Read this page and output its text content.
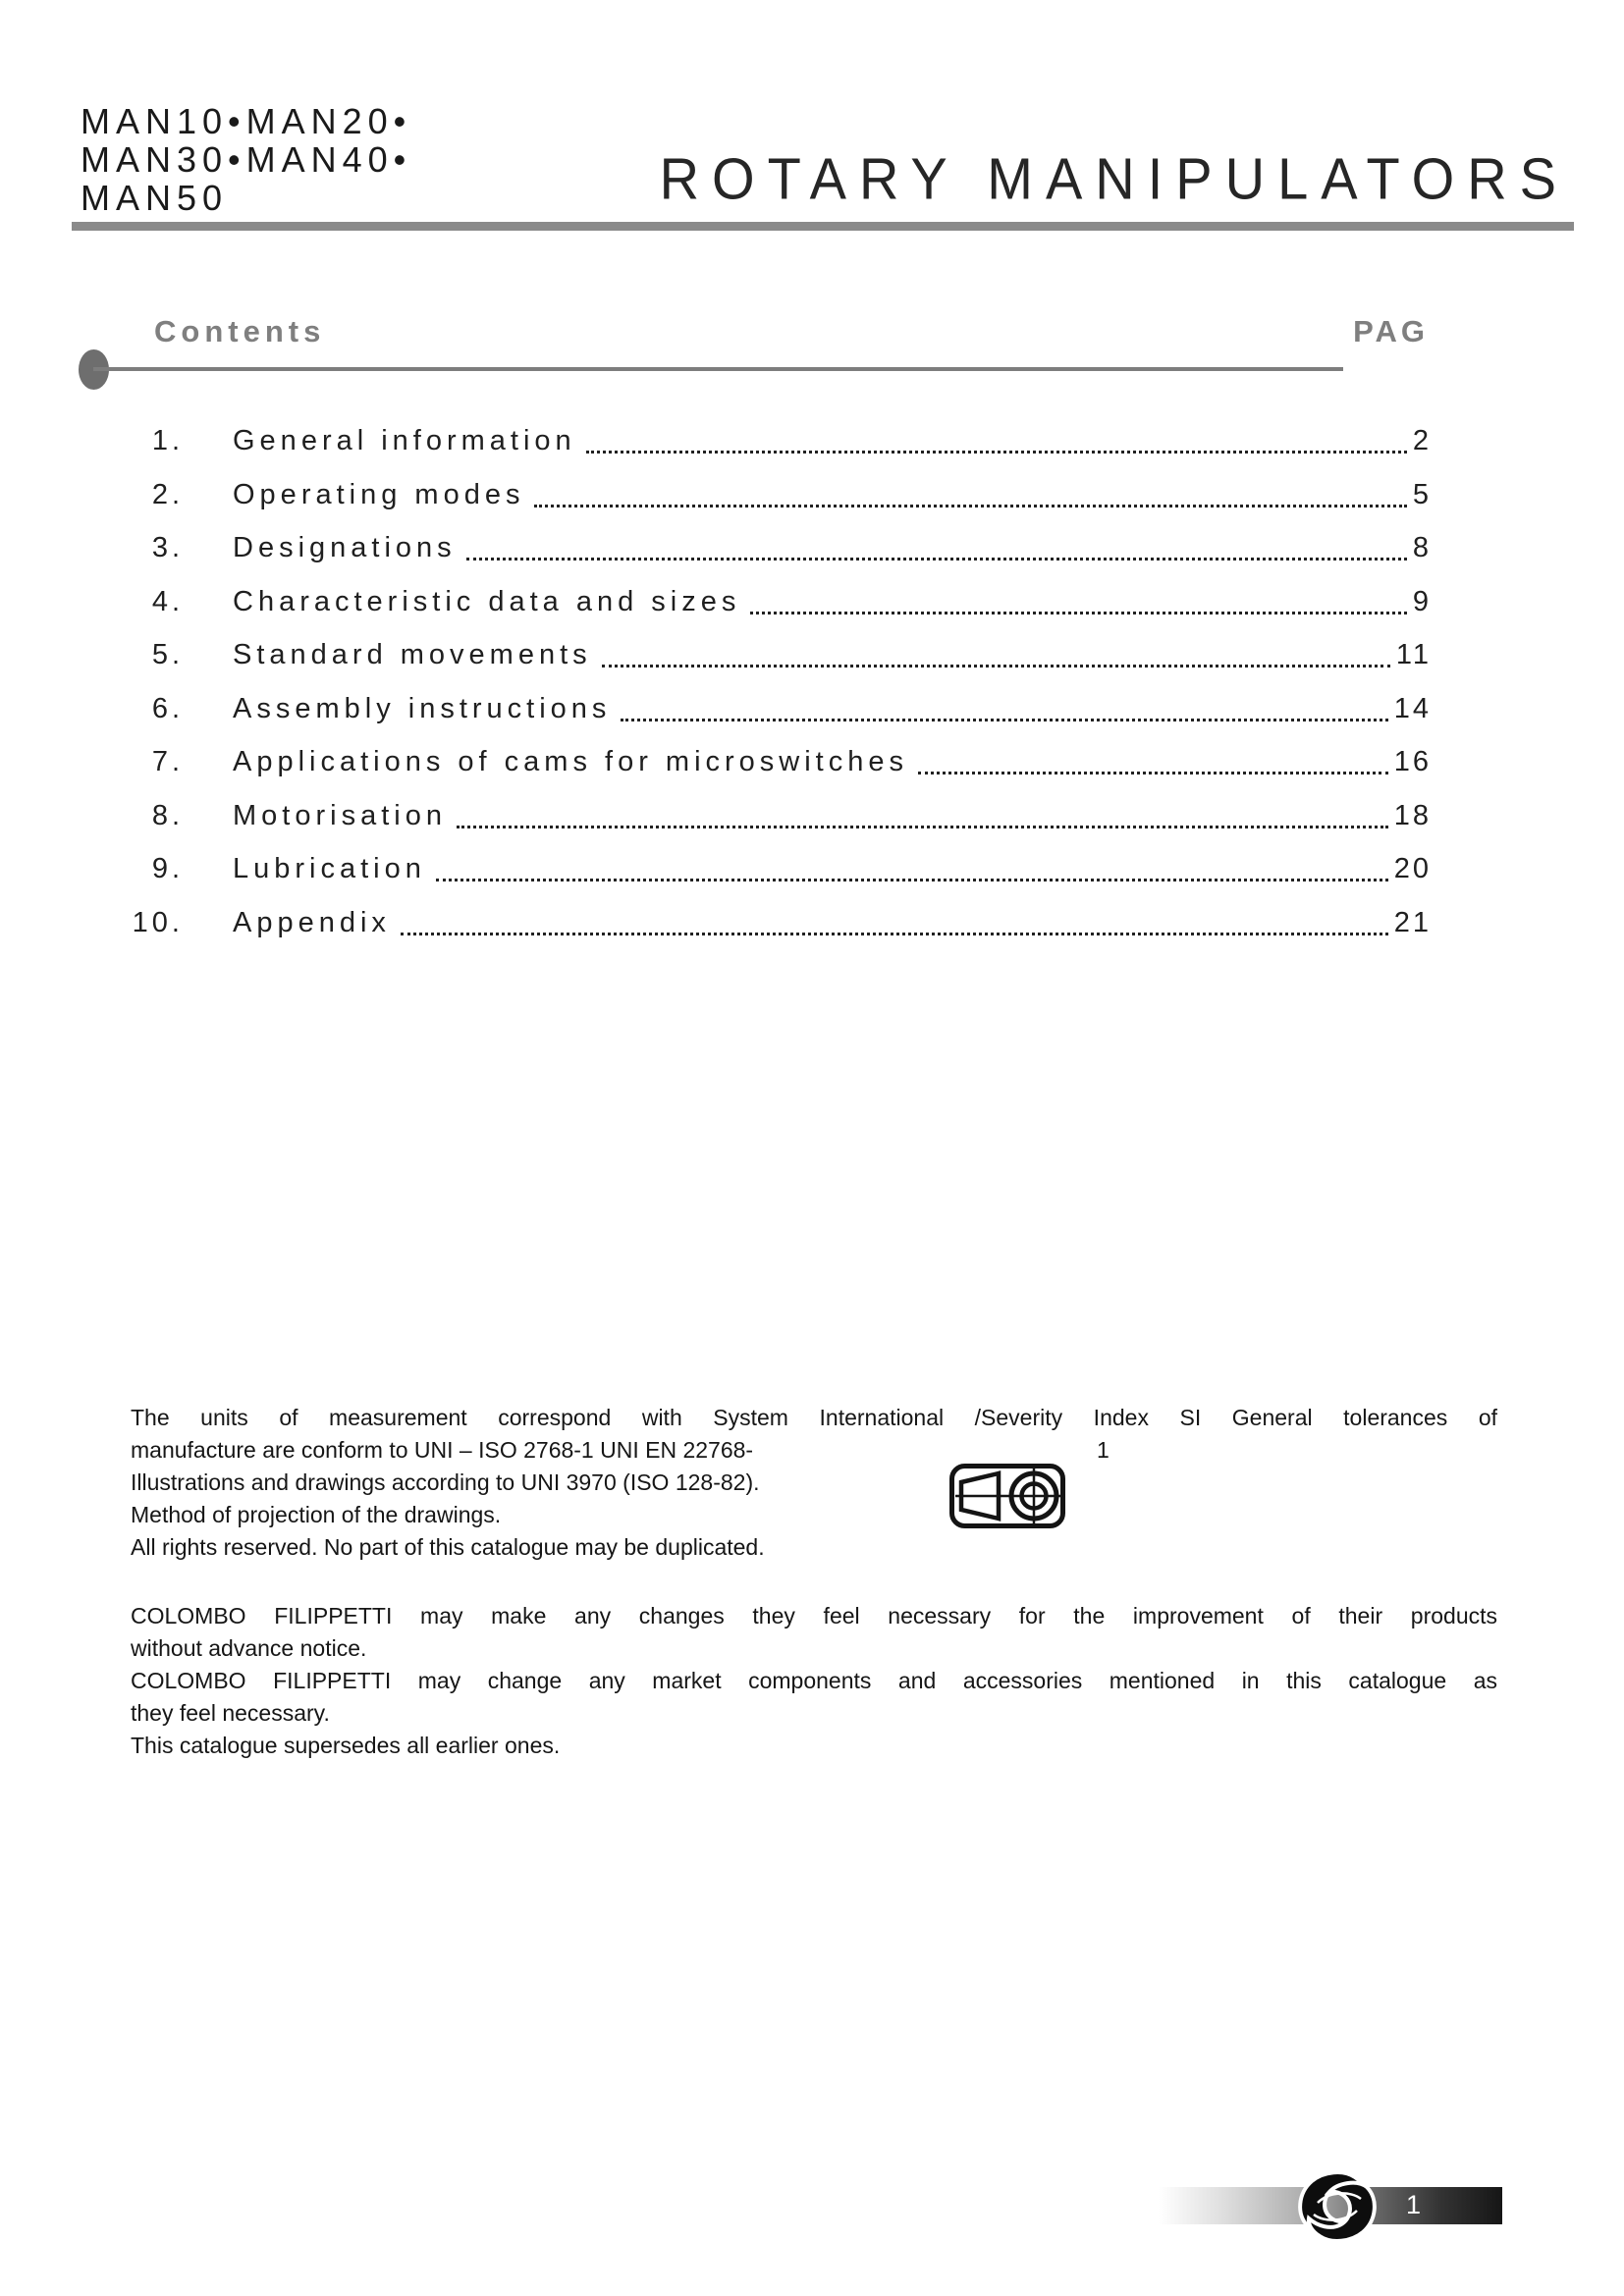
MAN10•MAN20•
MAN30•MAN40•
MAN50	ROTARY MANIPULATORS
Contents	PAG
1. General information	2
2. Operating modes	5
3. Designations	8
4. Characteristic data and sizes	9
5. Standard movements	11
6. Assembly instructions	14
7. Applications of cams for microswitches	16
8. Motorisation	18
9. Lubrication	20
10. Appendix	21
The units of measurement correspond with System International /Severity Index SI General tolerances of
manufacture are conform to UNI – ISO 2768-1 UNI EN 22768-	1
Illustrations and drawings according to UNI 3970 (ISO 128-82).
Method of projection of the drawings.
All rights reserved. No part of this catalogue may be duplicated.
COLOMBO FILIPPETTI may make any changes they feel necessary for the improvement of their products
without advance notice.
COLOMBO FILIPPETTI may change any market components and accessories mentioned in this catalogue as
they feel necessary.
This catalogue supersedes all earlier ones.
1
